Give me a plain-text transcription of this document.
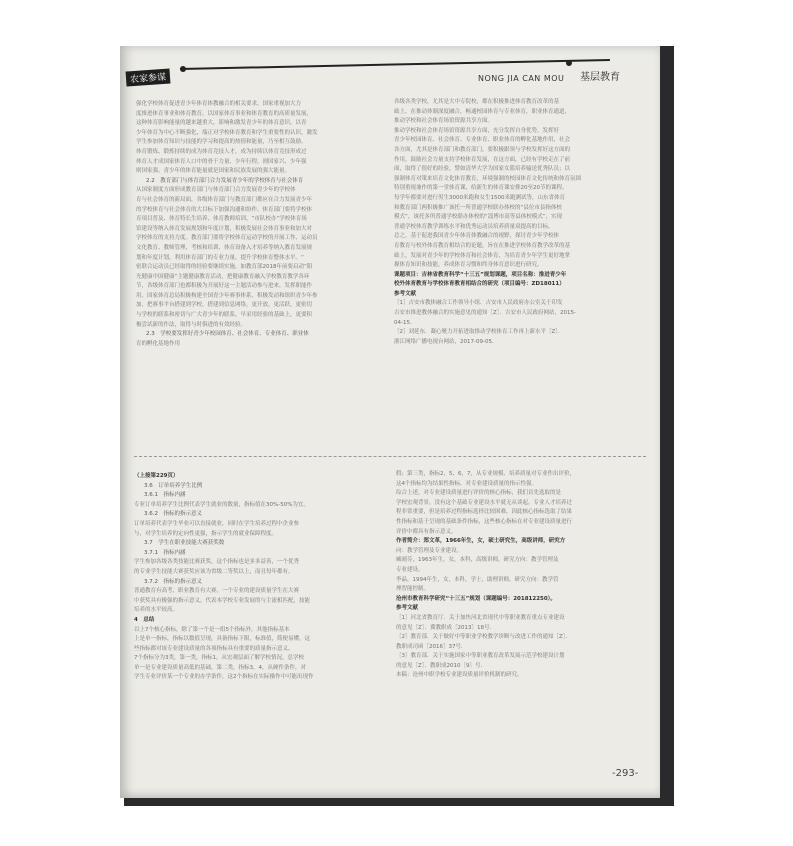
农家参谋	NONG JIA CAN MOU 基层教育
强化学校体育促进青少年体育体教融合的相关要求，国家重视加大力
度推进体育事业和体育教育。以国家体育事业和体育教育的高质量发展，
这种体育影响能量的越来越重大，影响和激发青少年的体育意识，以青
少年体育为中心不断强化，端正对学校体育教育和学生重要性的认识，激发
学生参加体育知识与技能的学习和提高的热情和能量，乃至相互鼓励、
体育锻炼、锻炼持续的成为体育竞技人才，成为持续以体育竞技形成过
体育人才成国家体育人口中的骨干力量、少年行程，则国家兴、少年强
则国家强。青少年的体育能量就是国家和民族发展的强大能量。
2.2　教育部门与体育部门合力发展青少年的学校体育与社会体育
从国家制度方面形成教育部门与体育部门合力发展青少年的学校体
育与社会体育的新局面，各级体育部门与教育部门都应在合力发展青少年
的学校体育与社会体育的大目标下加强沟通和协作。体育部门要将学校体
育项目普及、体育特长生培养、体育教师培训、“市队校办”学校体育场
馆建设等纳入体育发展规划和年度计划，积极发展社会体育事业和加大对
学校体育的支持力度。教育部门要将学校体育运动学校的开展工作、运动员
文化教育、教师管理、考核和培训、体育设备入才培养等纳入教育发展规
划和年度计划，利用体育部门的专业力量，提升学校体育整体水平。“
密联合运动员已经取得的经验要继续实施，如教育部2018年前要启动“阳
光健康中国健康”主题健康教育活动，把健康教育融入学校教育教学各环
节，各级体育部门也都积极为开展好这一主题活动参与进来，发挥职能作
用。国家体育总局积极构建全国青少年赛事体系，积极发动和组织青少年参
加，把赛事平台搭建到学校，搭建到信息网络，更开放，更活跃，更密切
与学校的联系和密切与广大青少年的联系，早采用经验的基础上，更要积
极尝试新的作法，取得与时俱进的有效经验。
2.3　学校要发挥好青少年校园体育、社会体育、专业体育、职业体
育的孵化基地作用
各级各类学校，尤其是大中专院校，都在积极推进体育教育改革的基
础上，在推动体制深度融合，畅通校园体育与专业体育，职业体育通道，
推动学校和社会体育场馆资源共享方面。
推动学校和社会体育场馆资源共享方面，充分发挥自身优势，发挥好
青少年校园体育、社会体育、专业体育、职业体育的孵化基地作用，社会
各方面，尤其是体育部门和教育部门，要积极跟领与学校发挥好这方面的
作用，鼓励社会力量支持学校体育发展，在这方面，已经有学校走在了前
面，取得了很好的经验，譬如清华大学为国家女篮培养输送优秀队员；以
强制体育对策来培育文化体育教育，环境强制的校园体育文化传统和体育氛围
特别重视兼作的第一堂体育课，给新生的体育课安排20至20节的课程。
每学年都要对进行男生3000米跑和女生1500米跑测试等，山东省体育
和教育部门两积极推广该托一所普通学校联办体校的“县位市县指体校
模式”，该托多所普通学校联办体校的“淄博市高等县体校模式”，实现
普通学校体育教学训练水平和优秀运动员培养质量双提高的目标。
总之，基于促进我国青少年体育体教融合的视野，探讨青少年学校体
育教育与校外体育教育相结合的论题，旨在在推进学校体育教学改革的基
础上，发展对青少年的学校体育和社会体育，为培育青少年学生更好地掌
握体育知识和技能，养成体育习惯和终身体育意识进行研究。
课题项目：吉林省教育科学“十三五”规划课题，项目名称：推进青少年
校外体育教育与学校体育教育相结合的研究（项目编号：ZD18011）
参考文献
［1］吉安市教体融合工作领导小组．吉安市人民政府办公室关于印发
吉安市推进教体融合的实施意见的通知［Z］．吉安市人民政府网站，2015-
04-15.
［2］刘延东．凝心聚力开拓进取推动学校体育工作再上新水平［Z］．
浙江网络广播电视台网站，2017-09-05.
（上接第229页）
3.6　订单培养学生比例
3.6.1　指标内涵
专业订单培养学生比例代表学生就业的数量，指标值在30%-50%为宜。
3.6.2　指标的指示意义
订单培养代表学生毕业可以直接就业，同时在学生培养过程中企业参
与，对学生培养的定向性更强，指示学生的就业保障程度。
3.7　学生在职业技能大赛获奖数
3.7.1　指标内涵
学生参加各级各类技能比赛获奖，这个指标也是多多益善，一个优秀
的专业学生技能大赛获奖应该为省级二等奖以上，而且每年都有。
3.7.2　指标的指示意义
普通教育有高考，职业教育有大赛，一个专业的建设质量学生在大赛
中获奖具有极强的指示意义，代表本学校专业发展的与主流相匹配，技能
培养的水平较高。
4　总结
以上7个核心指标，除了第一个是一组5个指标外，其他指标基本
上是单一指标，指标以数值呈现，具备指标下限，标准值，简便易懂，这
些指标都对该专业建设质量的各项指标具有重要的质量指示意义。
7个指标分为3类，第一类，指标1，从宏观层面了解学校情况，总学校
单一是专业建设质量高低的基础，第二类，指标3，4，从硬件条件，对
学生专业评价某一个专业的办学条件，这2个指标在实际操作中可能出现作
假；第三类，指标2，5，6，7，从专业规模、培养质量对专业作出评价，
这4个指标均为结果性指标，对专业建设质量的指示性强。
综合上述，对专业建设质量进行评价的核心指标，我们首先选取的是
学校宏观背景，没有这个基础专业建设水平就无从谈起。专业人才培养过
程非常重要，但是培养过程指标选择比较困难，因此核心指标选取了结果
性指标和基于呈现的基础条件指标，这些核心指标在对专业建设质量进行
评价中都具有指示意义。
作者简介：郑文革，1966年生，女，硕士研究生，高级讲师，研究方
向：教学管理及专业建设。
臧晴芬，1963年生，女，本科，高级讲师，研究方向：教学管理及
专业建设。
李晶，1994年生，女，本科，学士，助理讲师，研究方向：教学管
理智能控制。
沧州市教育科学研究“十三五”规划（课题编号：201812250）。
参考文献
［1］河北省教育厅．关于加快河北省现代中等职业教育重点专业建设
的意见［Z］．冀教职成［2013］18号．
［2］教育部．关于做好中等职业学校教学诊断与改进工作的通知［Z］．
教职成司函［2016］37号．
［3］教育部．关于实施国家中等职业教育改革发展示范学校建设计划
的意见［Z］．教职成2010［9］号．
本稿：沧州中职学校专业建设质量评价机制的研究。
-293-
